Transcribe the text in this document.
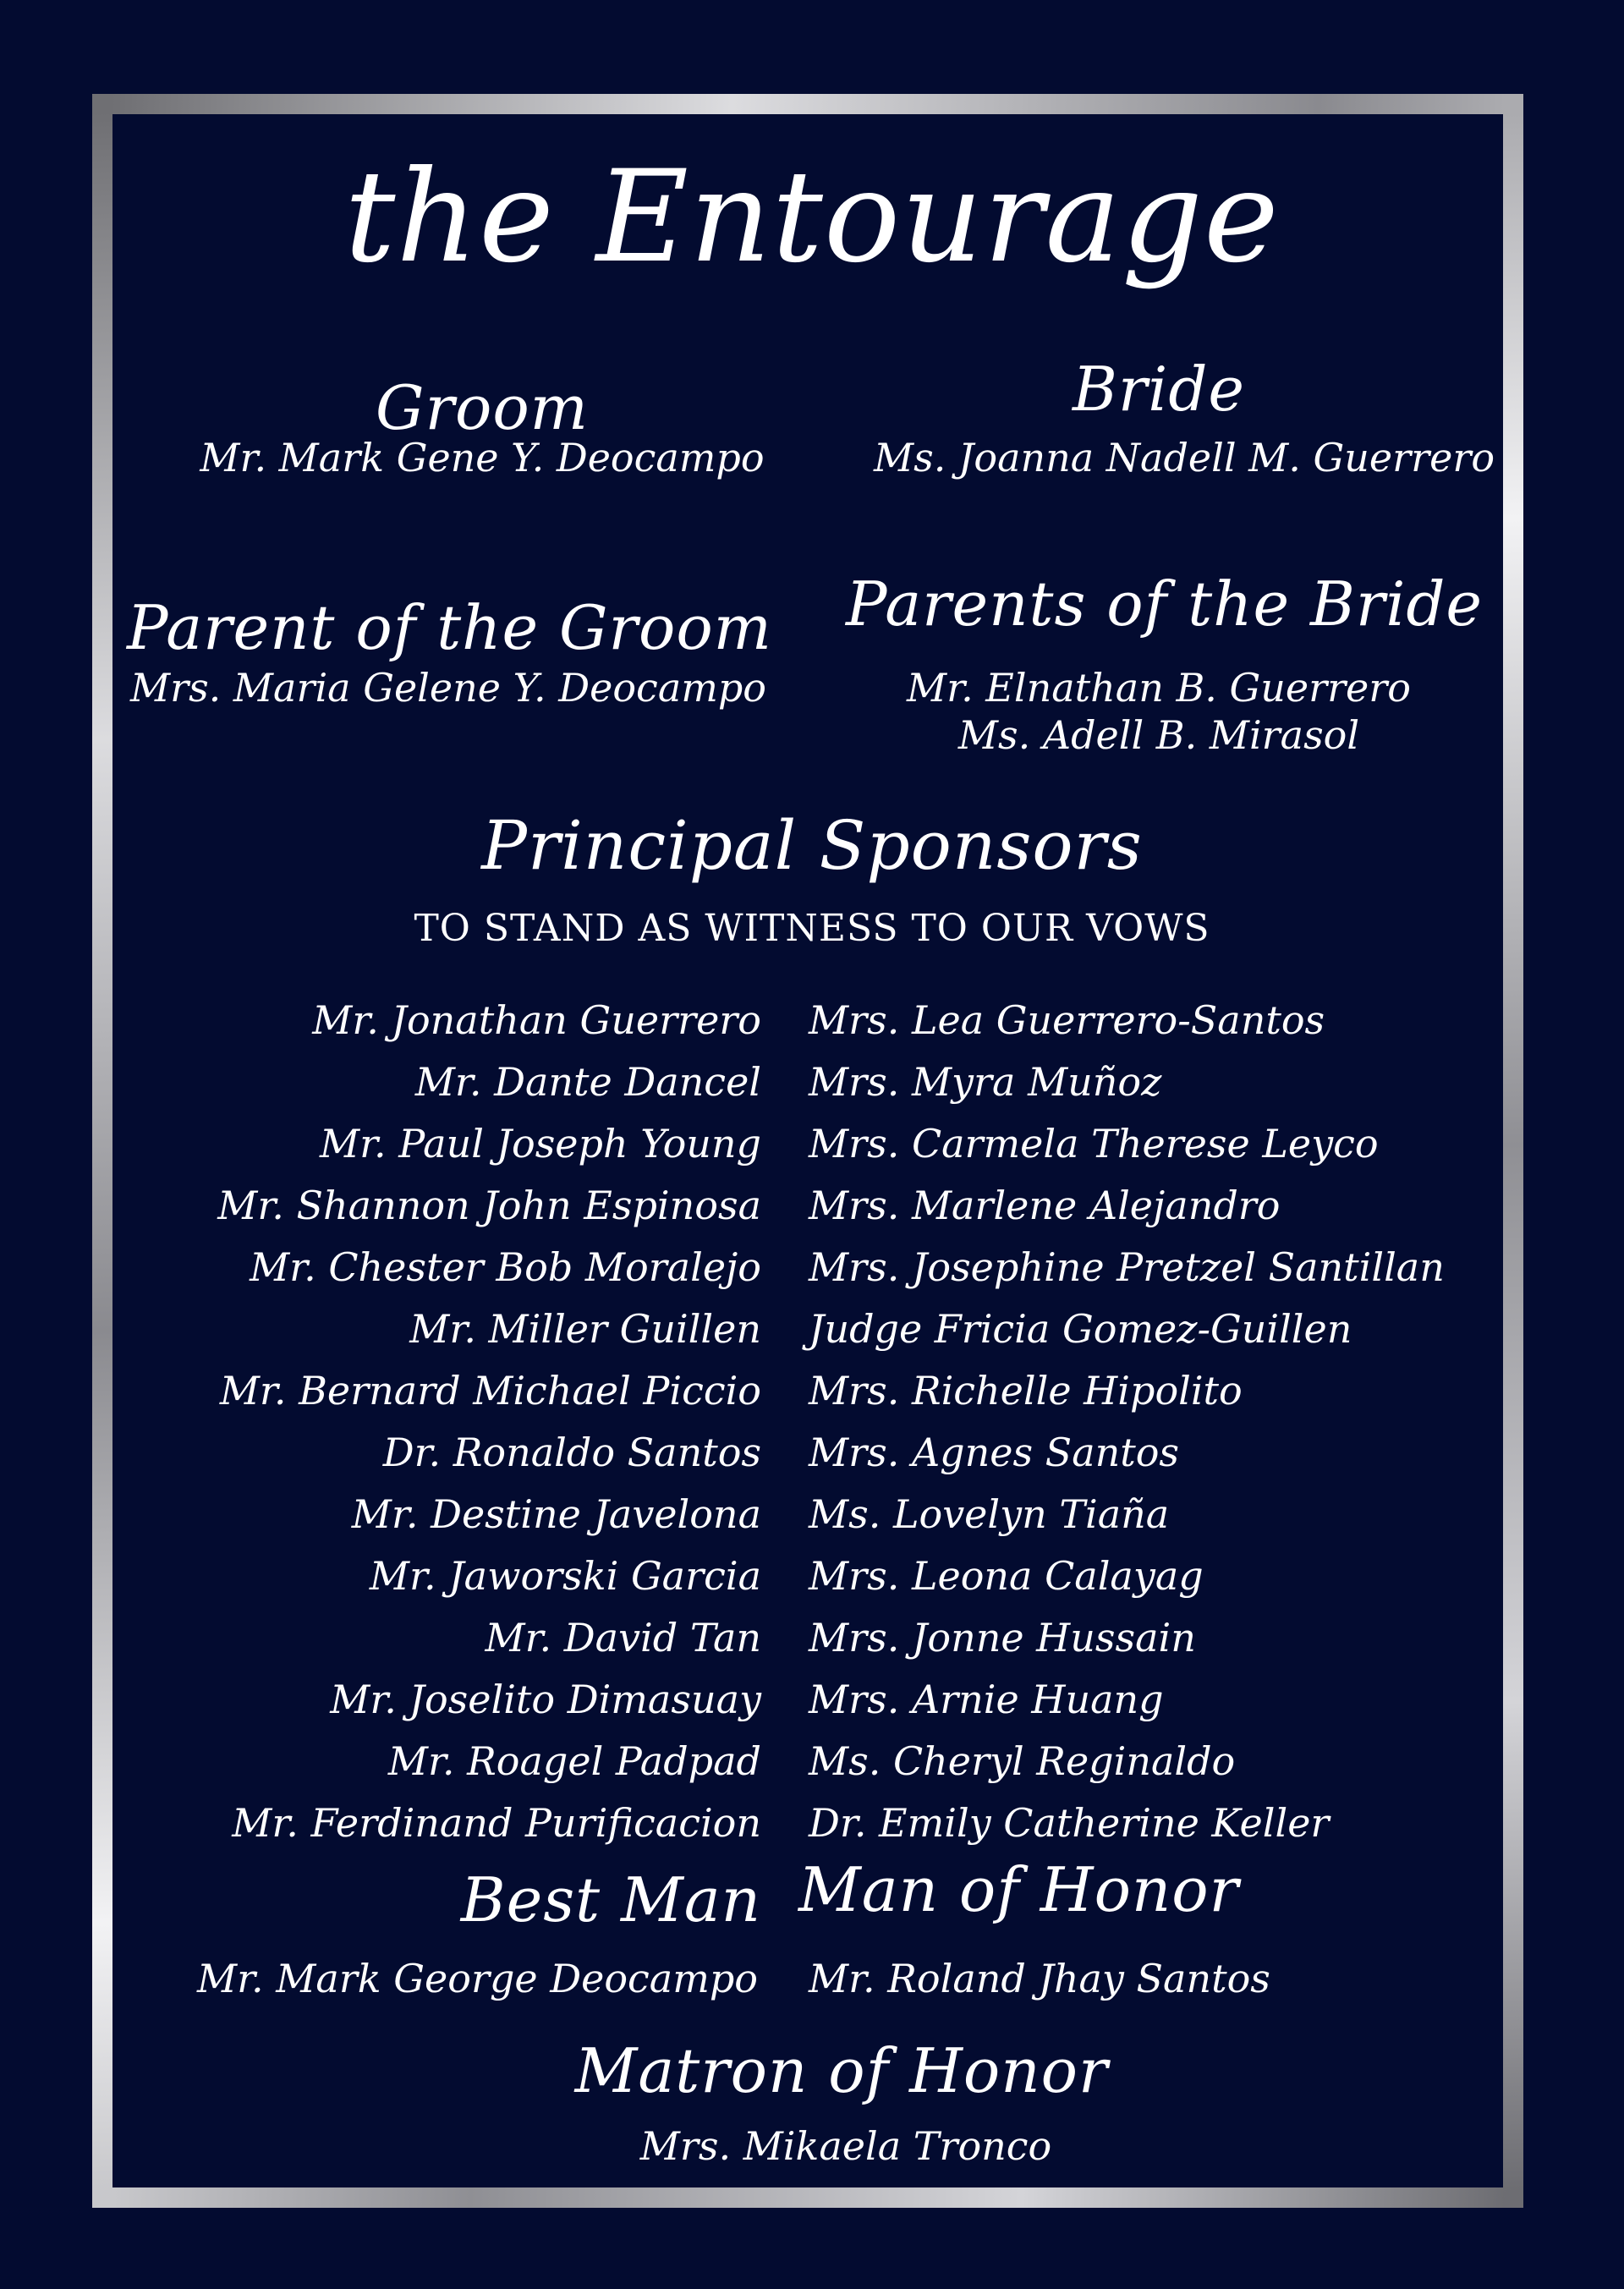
the Entourage
Groom
Mr. Mark Gene Y. Deocampo
Bride
Ms. Joanna Nadell M. Guerrero
Parent of the Groom
Mrs. Maria Gelene Y. Deocampo
Parents of the Bride
Mr. Elnathan B. Guerrero
Ms. Adell B. Mirasol
Principal Sponsors
TO STAND AS WITNESS TO OUR VOWS
Mr. Jonathan Guerrero
Mr. Dante Dancel
Mr. Paul Joseph Young
Mr. Shannon John Espinosa
Mr. Chester Bob Moralejo
Mr. Miller Guillen
Mr. Bernard Michael Piccio
Dr. Ronaldo Santos
Mr. Destine Javelona
Mr. Jaworski Garcia
Mr. David Tan
Mr. Joselito Dimasuay
Mr. Roagel Padpad
Mr. Ferdinand Purificacion
Mrs. Lea Guerrero-Santos
Mrs. Myra Muñoz
Mrs. Carmela Therese Leyco
Mrs. Marlene Alejandro
Mrs. Josephine Pretzel Santillan
Judge Fricia Gomez-Guillen
Mrs. Richelle Hipolito
Mrs. Agnes Santos
Ms. Lovelyn Tiaña
Mrs. Leona Calayag
Mrs. Jonne Hussain
Mrs. Arnie Huang
Ms. Cheryl Reginaldo
Dr. Emily Catherine Keller
Best Man
Mr. Mark George Deocampo
Man of Honor
Mr. Roland Jhay Santos
Matron of Honor
Mrs. Mikaela Tronco
